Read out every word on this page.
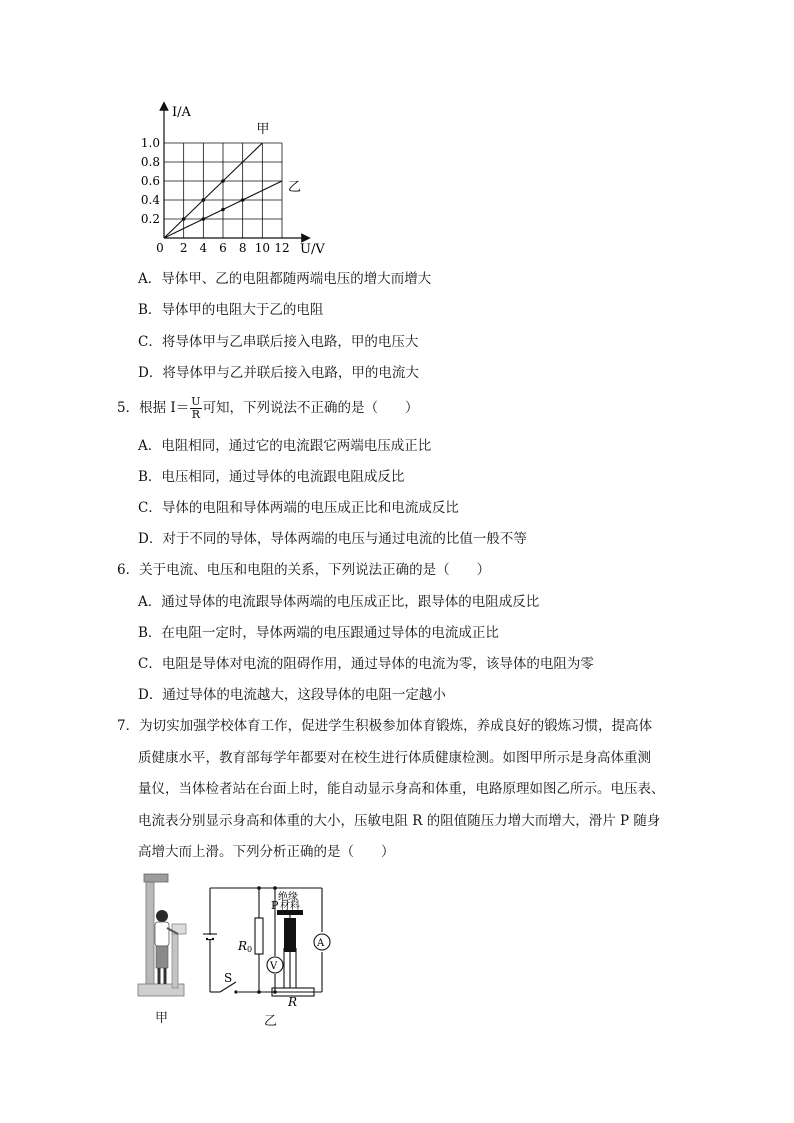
I/A
U/V
1.0
0.8
0.6
0.4
0.2
0 2 4 6 8 10 12
甲
乙
A．导体甲、乙的电阻都随两端电压的增大而增大
B．导体甲的电阻大于乙的电阻
C．将导体甲与乙串联后接入电路，甲的电压大
D．将导体甲与乙并联后接入电路，甲的电流大
5．根据 $I= \frac{U}{R}$ 可知，下列说法不正确的是（　　）
A．电阻相同，通过它的电流跟它两端电压成正比
B．电压相同，通过导体的电流跟电阻成反比
C．导体的电阻和导体两端的电压成正比和电流成反比
D．对于不同的导体，导体两端的电压与通过电流的比值一般不等
6．关于电流、电压和电阻的关系，下列说法正确的是（　　）
A．通过导体的电流跟导体两端的电压成正比，跟导体的电阻成反比
B．在电阻一定时，导体两端的电压跟通过导体的电流成正比
C．电阻是导体对电流的阻碍作用，通过导体的电流为零，该导体的电阻为零
D．通过导体的电流越大，这段导体的电阻一定越小
7．为切实加强学校体育工作，促进学生积极参加体育锻炼，养成良好的锻炼习惯，提高体
质健康水平，教育部每学年都要对在校生进行体质健康检测。如图甲所示是身高体重测
量仪，当体检者站在台面上时，能自动显示身高和体重，电路原理如图乙所示。电压表、
电流表分别显示身高和体重的大小，压敏电阻 R 的阻值随压力增大而增大，滑片 P 随身
高增大而上滑。下列分析正确的是（　　）
甲
V
A
绝缘
P 材料
R0
S
R
乙
